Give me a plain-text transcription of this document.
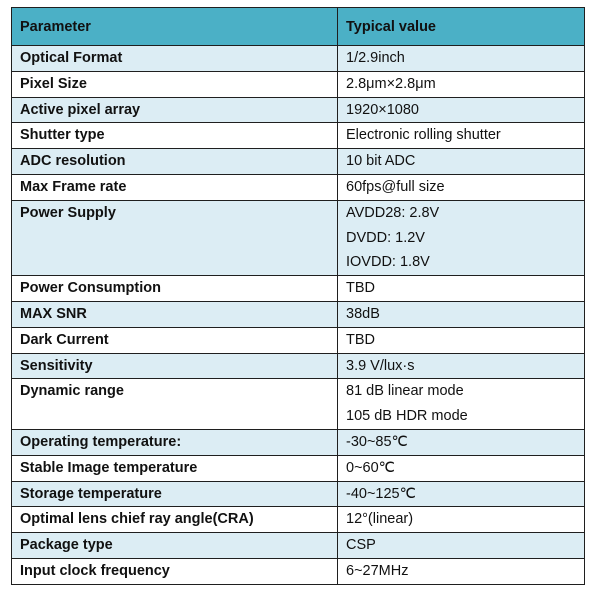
Parameter	Typical value

Optical Format	1/2.9inch

Pixel Size	2.8μm×2.8μm

Active pixel array	1920×1080

Shutter type	Electronic rolling shutter

ADC resolution	10 bit ADC

Max Frame rate	60fps@full size

Power Supply	AVDD28: 2.8V
DVDD: 1.2V
IOVDD: 1.8V

Power Consumption	TBD

MAX SNR	38dB

Dark Current	TBD

Sensitivity	3.9 V/lux·s

Dynamic range	81 dB linear mode
105 dB HDR mode

Operating temperature:	-30~85℃

Stable Image temperature	0~60℃

Storage temperature	-40~125℃

Optimal lens chief ray angle(CRA)	12°(linear)

Package type	CSP

Input clock frequency	6~27MHz
